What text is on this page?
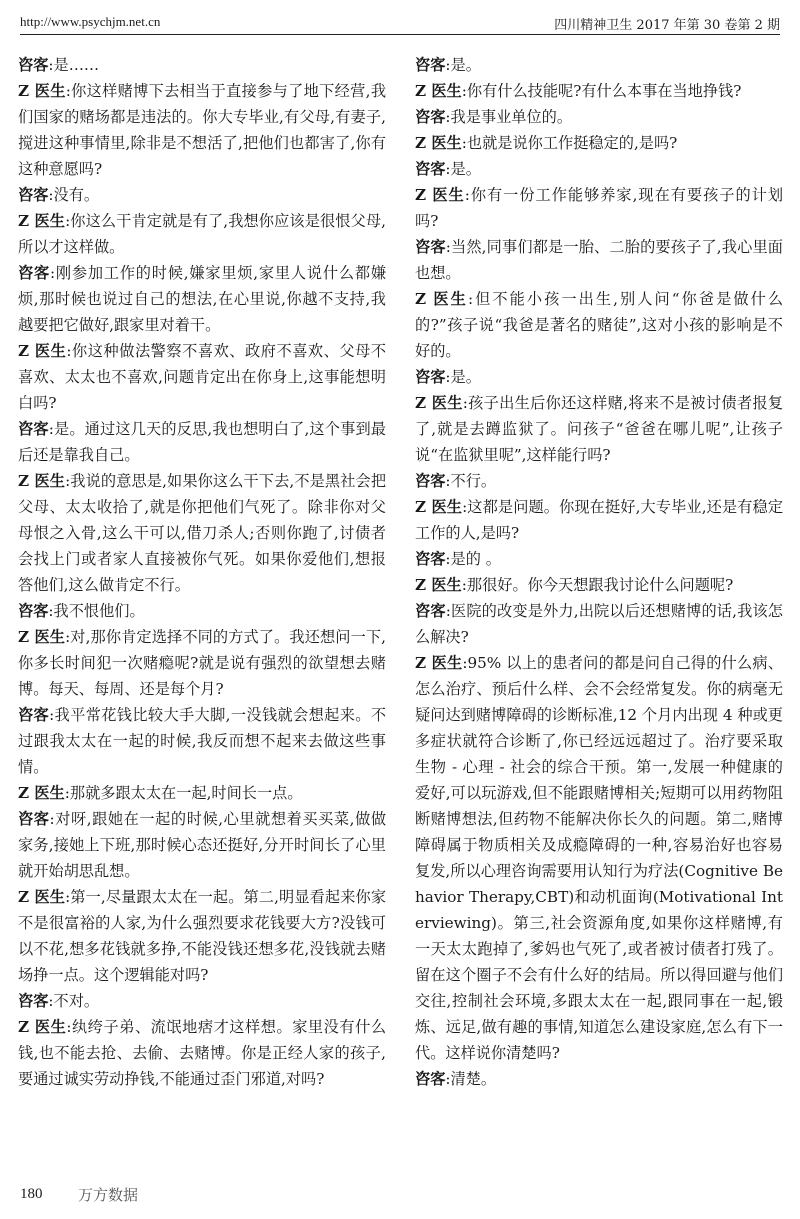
http://www.psychjm.net.cn	四川精神卫生 2017 年第 30 卷第 2 期

咨客:是……

Z 医生:你这样赌博下去相当于直接参与了地下经营,我们国家的赌场都是违法的。你大专毕业,有父母,有妻子,搅进这种事情里,除非是不想活了,把他们也都害了,你有这种意愿吗?

咨客:没有。

Z 医生:你这么干肯定就是有了,我想你应该是很恨父母,所以才这样做。

咨客:刚参加工作的时候,嫌家里烦,家里人说什么都嫌烦,那时候也说过自己的想法,在心里说,你越不支持,我越要把它做好,跟家里对着干。

Z 医生:你这种做法警察不喜欢、政府不喜欢、父母不喜欢、太太也不喜欢,问题肯定出在你身上,这事能想明白吗?

咨客:是。通过这几天的反思,我也想明白了,这个事到最后还是靠我自己。

Z 医生:我说的意思是,如果你这么干下去,不是黑社会把父母、太太收拾了,就是你把他们气死了。除非你对父母恨之入骨,这么干可以,借刀杀人;否则你跑了,讨债者会找上门或者家人直接被你气死。如果你爱他们,想报答他们,这么做肯定不行。

咨客:我不恨他们。

Z 医生:对,那你肯定选择不同的方式了。我还想问一下,你多长时间犯一次赌瘾呢?就是说有强烈的欲望想去赌博。每天、每周、还是每个月?

咨客:我平常花钱比较大手大脚,一没钱就会想起来。不过跟我太太在一起的时候,我反而想不起来去做这些事情。

Z 医生:那就多跟太太在一起,时间长一点。

咨客:对呀,跟她在一起的时候,心里就想着买买菜,做做家务,接她上下班,那时候心态还挺好,分开时间长了心里就开始胡思乱想。

Z 医生:第一,尽量跟太太在一起。第二,明显看起来你家不是很富裕的人家,为什么强烈要求花钱要大方?没钱可以不花,想多花钱就多挣,不能没钱还想多花,没钱就去赌场挣一点。这个逻辑能对吗?

咨客:不对。

Z 医生:纨绔子弟、流氓地痞才这样想。家里没有什么钱,也不能去抢、去偷、去赌博。你是正经人家的孩子,要通过诚实劳动挣钱,不能通过歪门邪道,对吗?

咨客:是。

Z 医生:你有什么技能呢?有什么本事在当地挣钱?

咨客:我是事业单位的。

Z 医生:也就是说你工作挺稳定的,是吗?

咨客:是。

Z 医生:你有一份工作能够养家,现在有要孩子的计划吗?

咨客:当然,同事们都是一胎、二胎的要孩子了,我心里面也想。

Z 医生:但不能小孩一出生,别人问“你爸是做什么的?”孩子说“我爸是著名的赌徒”,这对小孩的影响是不好的。

咨客:是。

Z 医生:孩子出生后你还这样赌,将来不是被讨债者报复了,就是去蹲监狱了。问孩子“爸爸在哪儿呢”,让孩子说“在监狱里呢”,这样能行吗?

咨客:不行。

Z 医生:这都是问题。你现在挺好,大专毕业,还是有稳定工作的人,是吗?

咨客:是的 。

Z 医生:那很好。你今天想跟我讨论什么问题呢?

咨客:医院的改变是外力,出院以后还想赌博的话,我该怎么解决?

Z 医生:95% 以上的患者问的都是问自己得的什么病、怎么治疗、预后什么样、会不会经常复发。你的病毫无疑问达到赌博障碍的诊断标准,12 个月内出现 4 种或更多症状就符合诊断了,你已经远远超过了。治疗要采取生物 - 心理 - 社会的综合干预。第一,发展一种健康的爱好,可以玩游戏,但不能跟赌博相关;短期可以用药物阻断赌博想法,但药物不能解决你长久的问题。第二,赌博障碍属于物质相关及成瘾障碍的一种,容易治好也容易复发,所以心理咨询需要用认知行为疗法(Cognitive Behavior Therapy,CBT)和动机面询(Motivational Interviewing)。第三,社会资源角度,如果你这样赌博,有一天太太跑掉了,爹妈也气死了,或者被讨债者打残了。留在这个圈子不会有什么好的结局。所以得回避与他们交往,控制社会环境,多跟太太在一起,跟同事在一起,锻炼、远足,做有趣的事情,知道怎么建设家庭,怎么有下一代。这样说你清楚吗?

咨客:清楚。

180 万方数据
